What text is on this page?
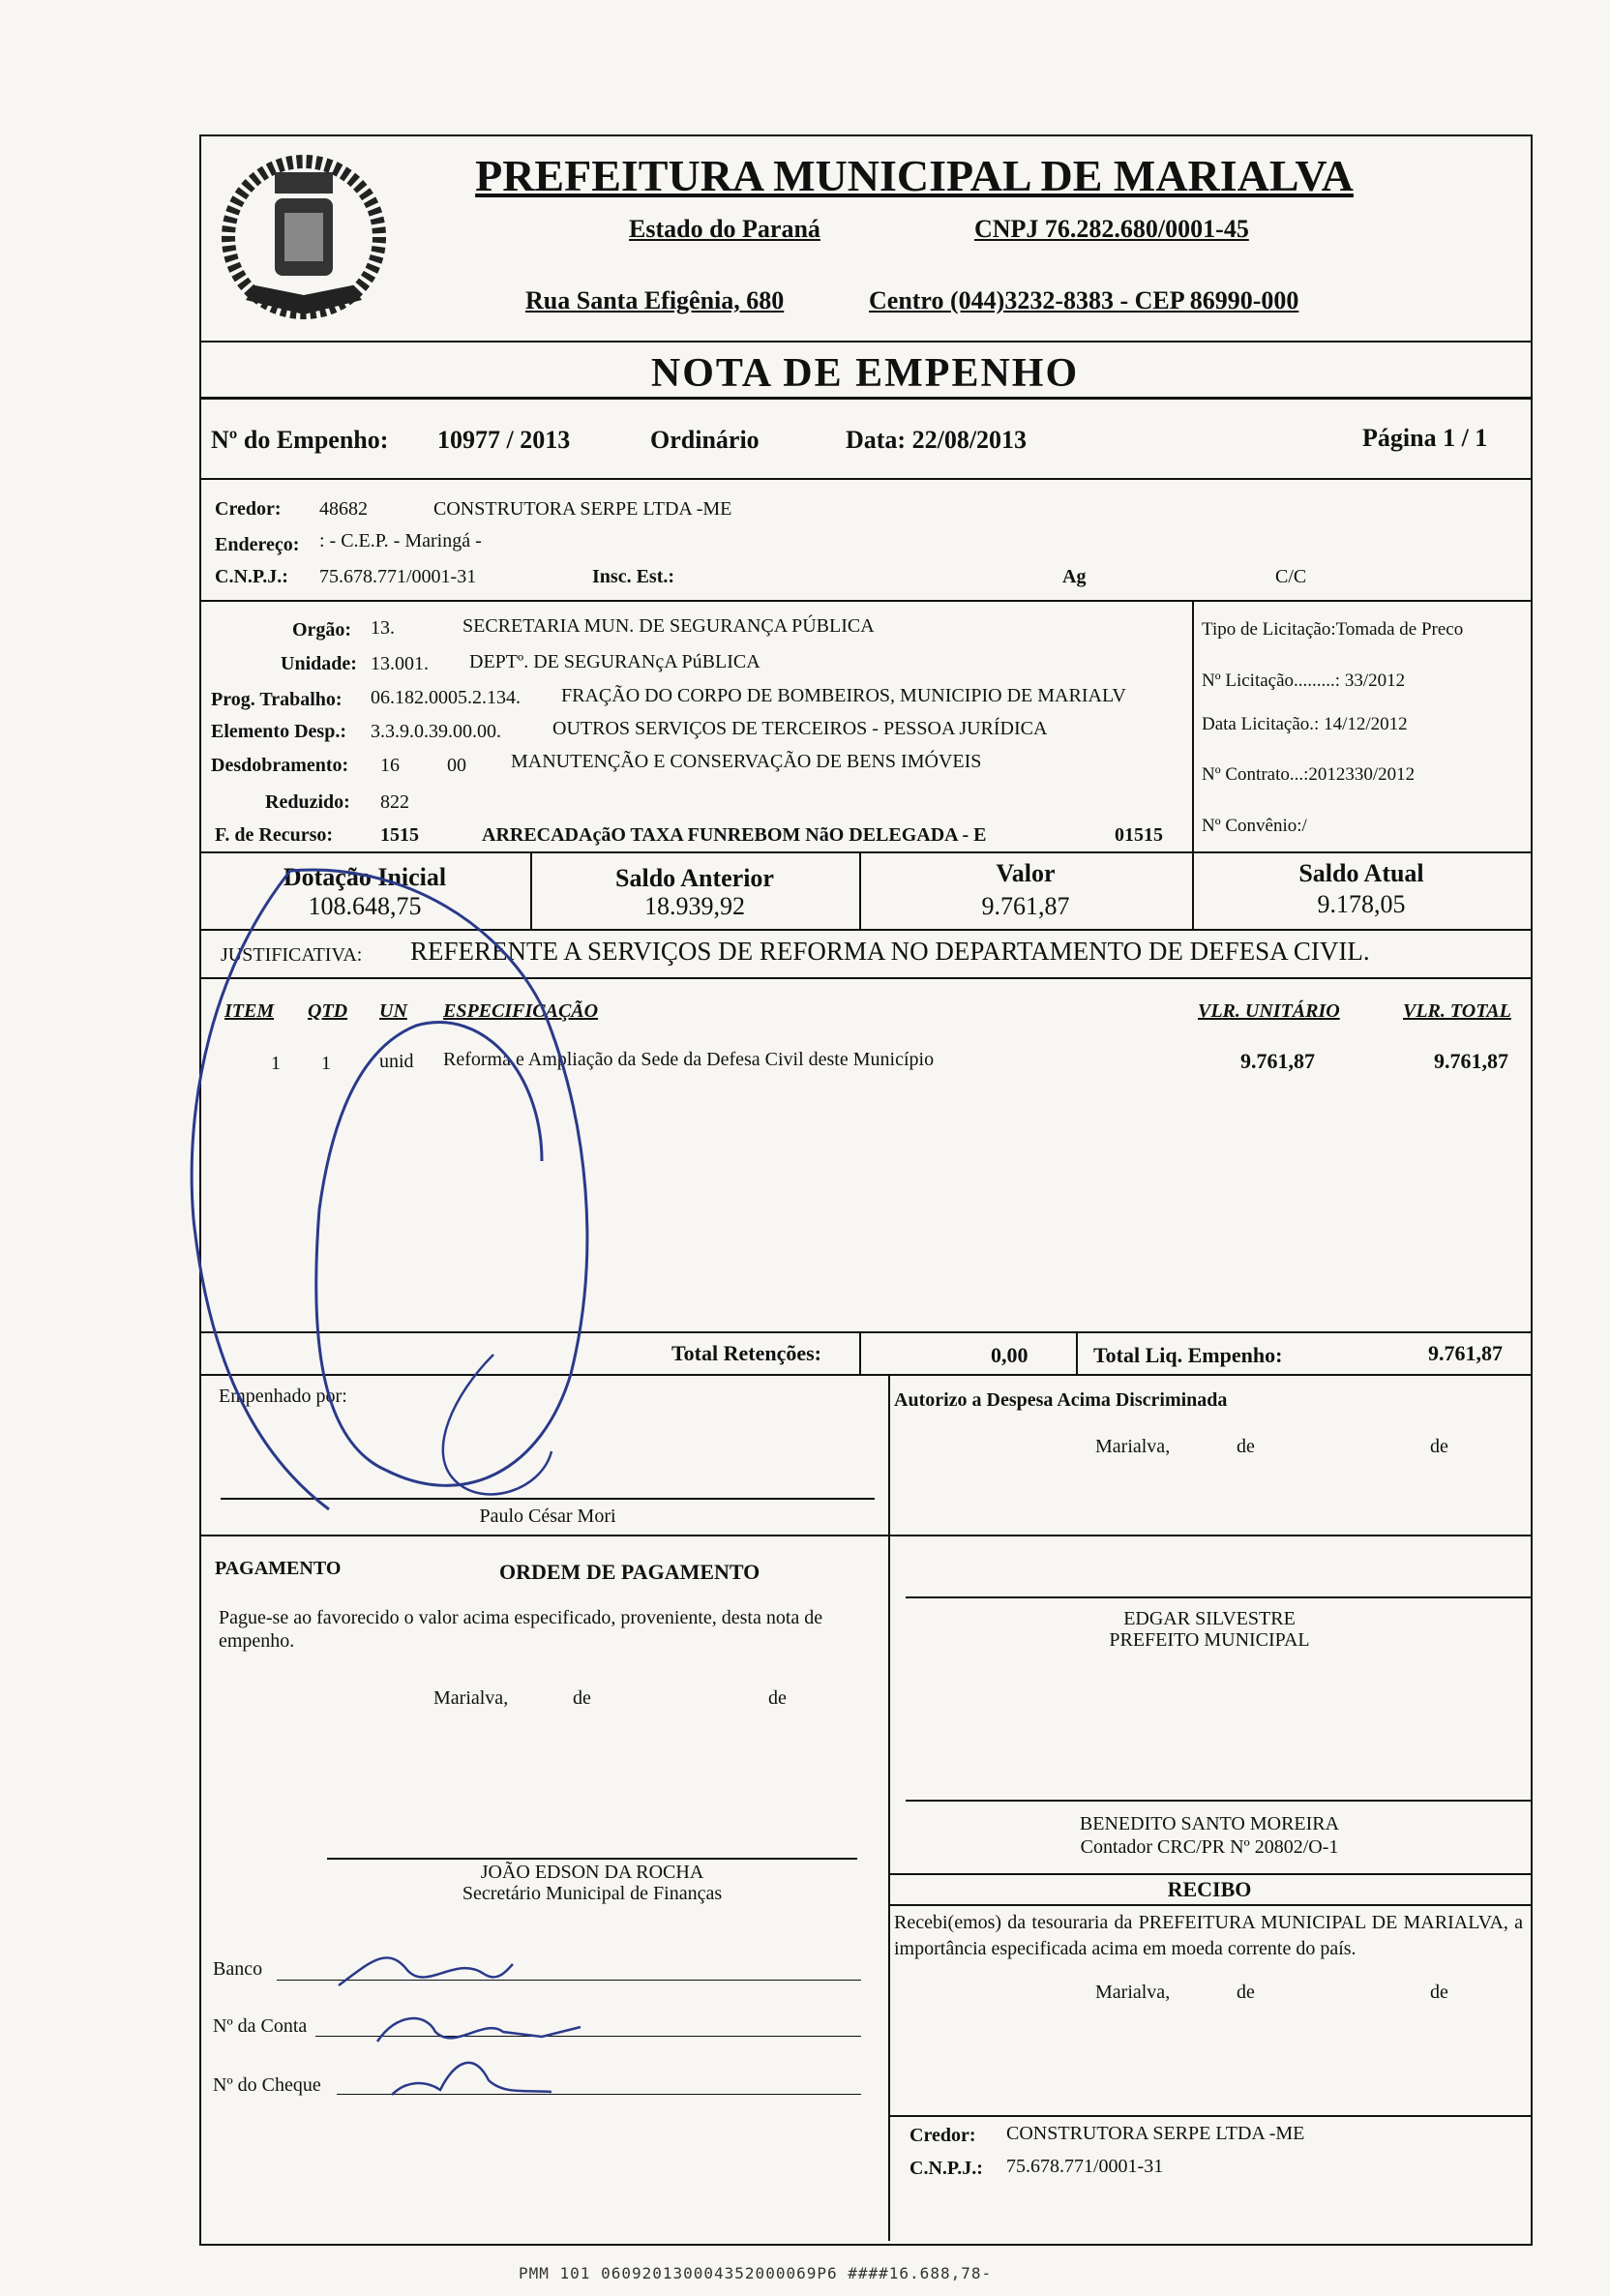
PREFEITURA MUNICIPAL DE MARIALVA
Estado do Paraná	CNPJ 76.282.680/0001-45
Rua Santa Efigênia, 680	Centro (044)3232-8383 - CEP 86990-000
NOTA DE EMPENHO
Nº do Empenho: 10977 / 2013	Ordinário	Data: 22/08/2013	Página 1 / 1
Credor: 48682	CONSTRUTORA SERPE LTDA -ME
Endereço: : - C.E.P. - Maringá -
C.N.P.J.: 75.678.771/0001-31	Insc. Est.:	Ag	C/C
Orgão: 13.	SECRETARIA MUN. DE SEGURANÇA PÚBLICA
Unidade: 13.001. DEPTº. DE SEGURANçA PúBLICA
Prog. Trabalho: 06.182.0005.2.134. FRAÇÃO DO CORPO DE BOMBEIROS, MUNICIPIO DE MARIALV
Elemento Desp.: 3.3.9.0.39.00.00.	OUTROS SERVIÇOS DE TERCEIROS - PESSOA JURÍDICA
Desdobramento: 16 00 MANUTENÇÃO E CONSERVAÇÃO DE BENS IMÓVEIS
Reduzido: 822
F. de Recurso: 1515	ARRECADAçãO TAXA FUNREBOM NãO DELEGADA - E	01515
Tipo de Licitação:Tomada de Preco
Nº Licitação.........: 33/2012
Data Licitação.: 14/12/2012
Nº Contrato...:2012330/2012
Nº Convênio:/
Dotação Inicial
108.648,75
Saldo Anterior
18.939,92
Valor
9.761,87
Saldo Atual
9.178,05
JUSTIFICATIVA: REFERENTE A SERVIÇOS DE REFORMA NO DEPARTAMENTO DE DEFESA CIVIL.
ITEM QTD UN ESPECIFICAÇÃO	VLR. UNITÁRIO	VLR. TOTAL
1 1	unid Reforma e Ampliação da Sede da Defesa Civil deste Município	9.761,87	9.761,87
Total Retenções:	0,00	Total Liq. Empenho:	9.761,87
Empenhado por:
Paulo César Mori
Autorizo a Despesa Acima Discriminada
Marialva,	de	de
PAGAMENTO	ORDEM DE PAGAMENTO
Pague-se ao favorecido o valor acima especificado, proveniente, desta nota de empenho.
Marialva,	de	de
EDGAR SILVESTRE
PREFEITO MUNICIPAL
BENEDITO SANTO MOREIRA
Contador CRC/PR Nº 20802/O-1
JOÃO EDSON DA ROCHA
Secretário Municipal de Finanças	RECIBO
Recebi(emos) da tesouraria da PREFEITURA MUNICIPAL DE MARIALVA, a importância especificada acima em moeda corrente do país.
Marialva,	de	de
Banco
Nº da Conta
Nº do Cheque
Credor: CONSTRUTORA SERPE LTDA -ME
C.N.P.J.: 75.678.771/0001-31
PMM 101 060920130004352000069P6 ####16.688,78-
